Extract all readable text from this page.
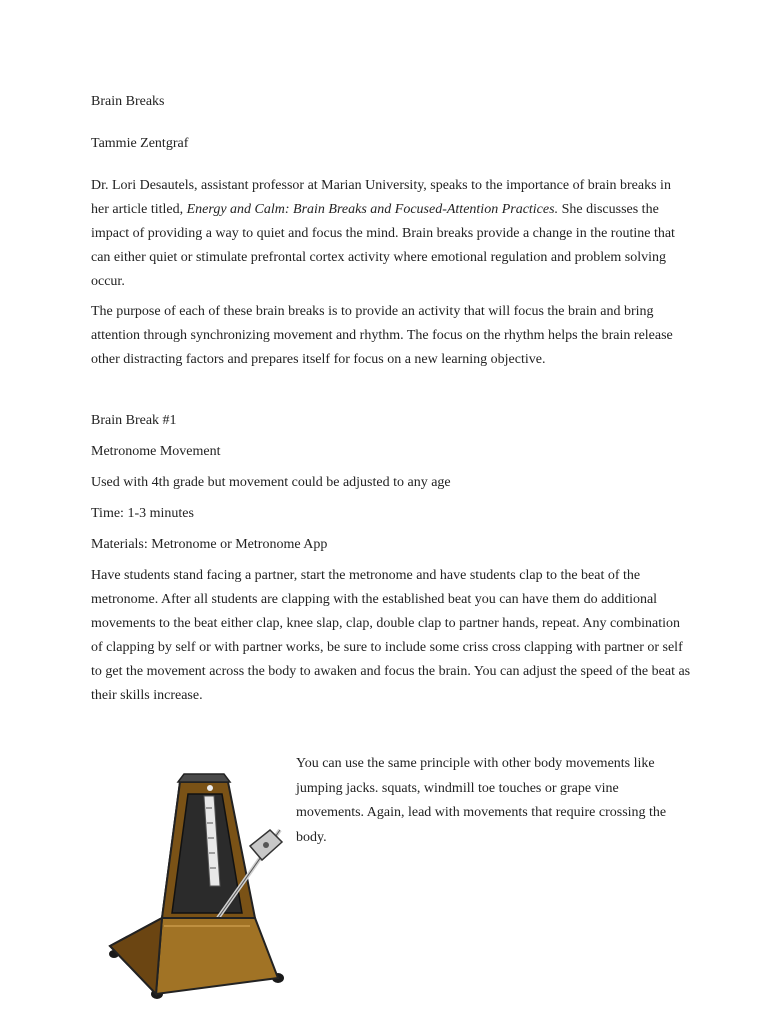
Brain Breaks

Tammie Zentgraf

Dr. Lori Desautels, assistant professor at Marian University, speaks to the importance of brain breaks in her article titled, Energy and Calm: Brain Breaks and Focused-Attention Practices. She discusses the impact of providing a way to quiet and focus the mind. Brain breaks provide a change in the routine that can either quiet or stimulate prefrontal cortex activity where emotional regulation and problem solving occur.

The purpose of each of these brain breaks is to provide an activity that will focus the brain and bring attention through synchronizing movement and rhythm. The focus on the rhythm helps the brain release other distracting factors and prepares itself for focus on a new learning objective.

Brain Break #1

Metronome Movement

Used with 4th grade but movement could be adjusted to any age

Time: 1-3 minutes

Materials: Metronome or Metronome App

Have students stand facing a partner, start the metronome and have students clap to the beat of the metronome. After all students are clapping with the established beat you can have them do additional movements to the beat either clap, knee slap, clap, double clap to partner hands, repeat. Any combination of clapping by self or with partner works, be sure to include some criss cross clapping with partner or self to get the movement across the body to awaken and focus the brain. You can adjust the speed of the beat as their skills increase.

You can use the same principle with other body movements like jumping jacks. squats, windmill toe touches or grape vine movements. Again, lead with movements that require crossing the body.
